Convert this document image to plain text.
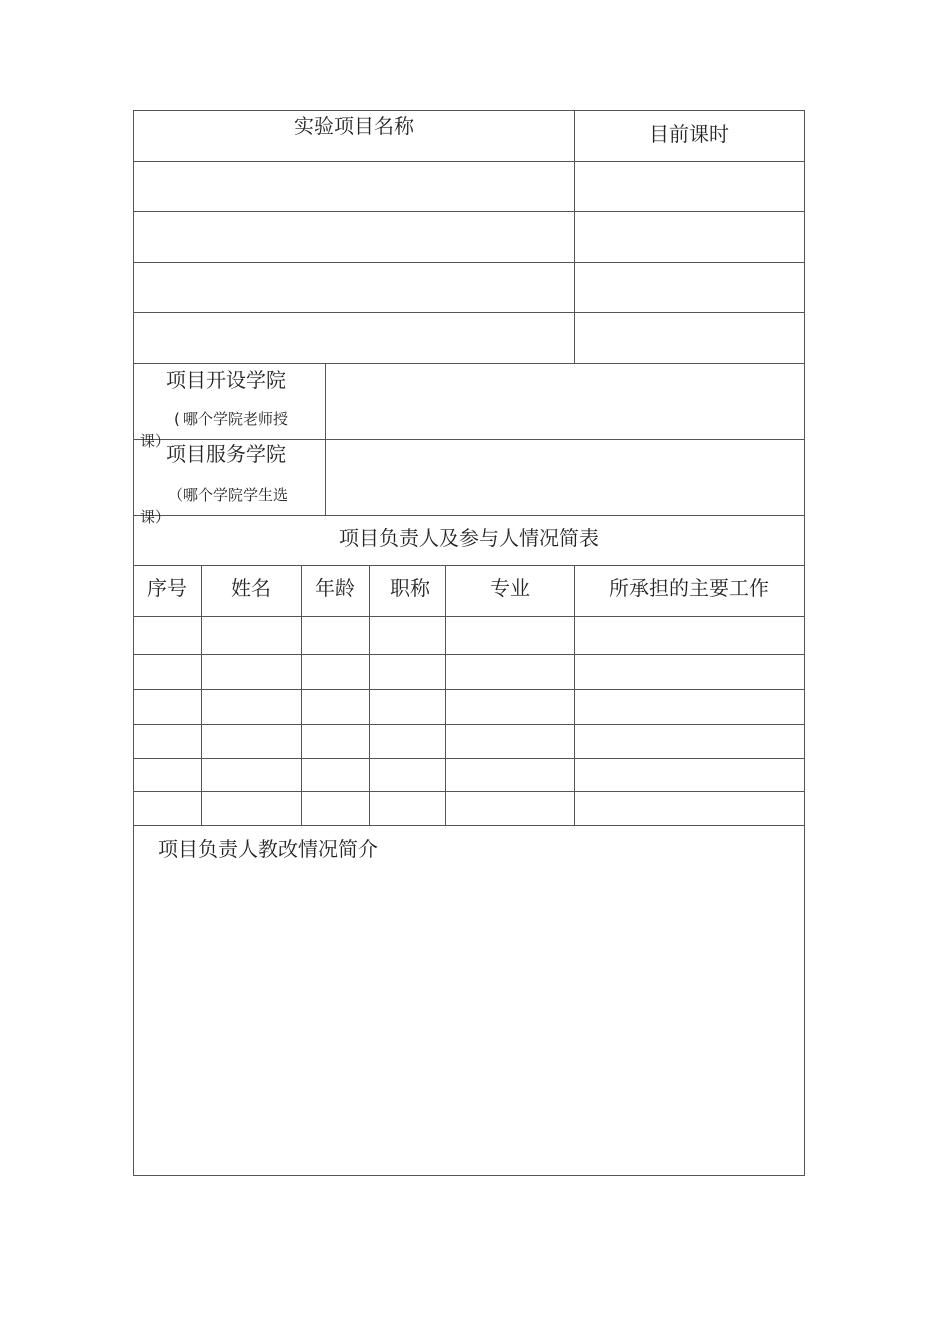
实验项目名称	目前课时
项目开设学院
( 哪个学院老师授
课）
项目服务学院
（ 哪个学院学生选
课）
项目负责人及参与人情况简表
序号 姓名 年龄 职称	专业	所承担的主要工作
项目负责人教改情况简介
